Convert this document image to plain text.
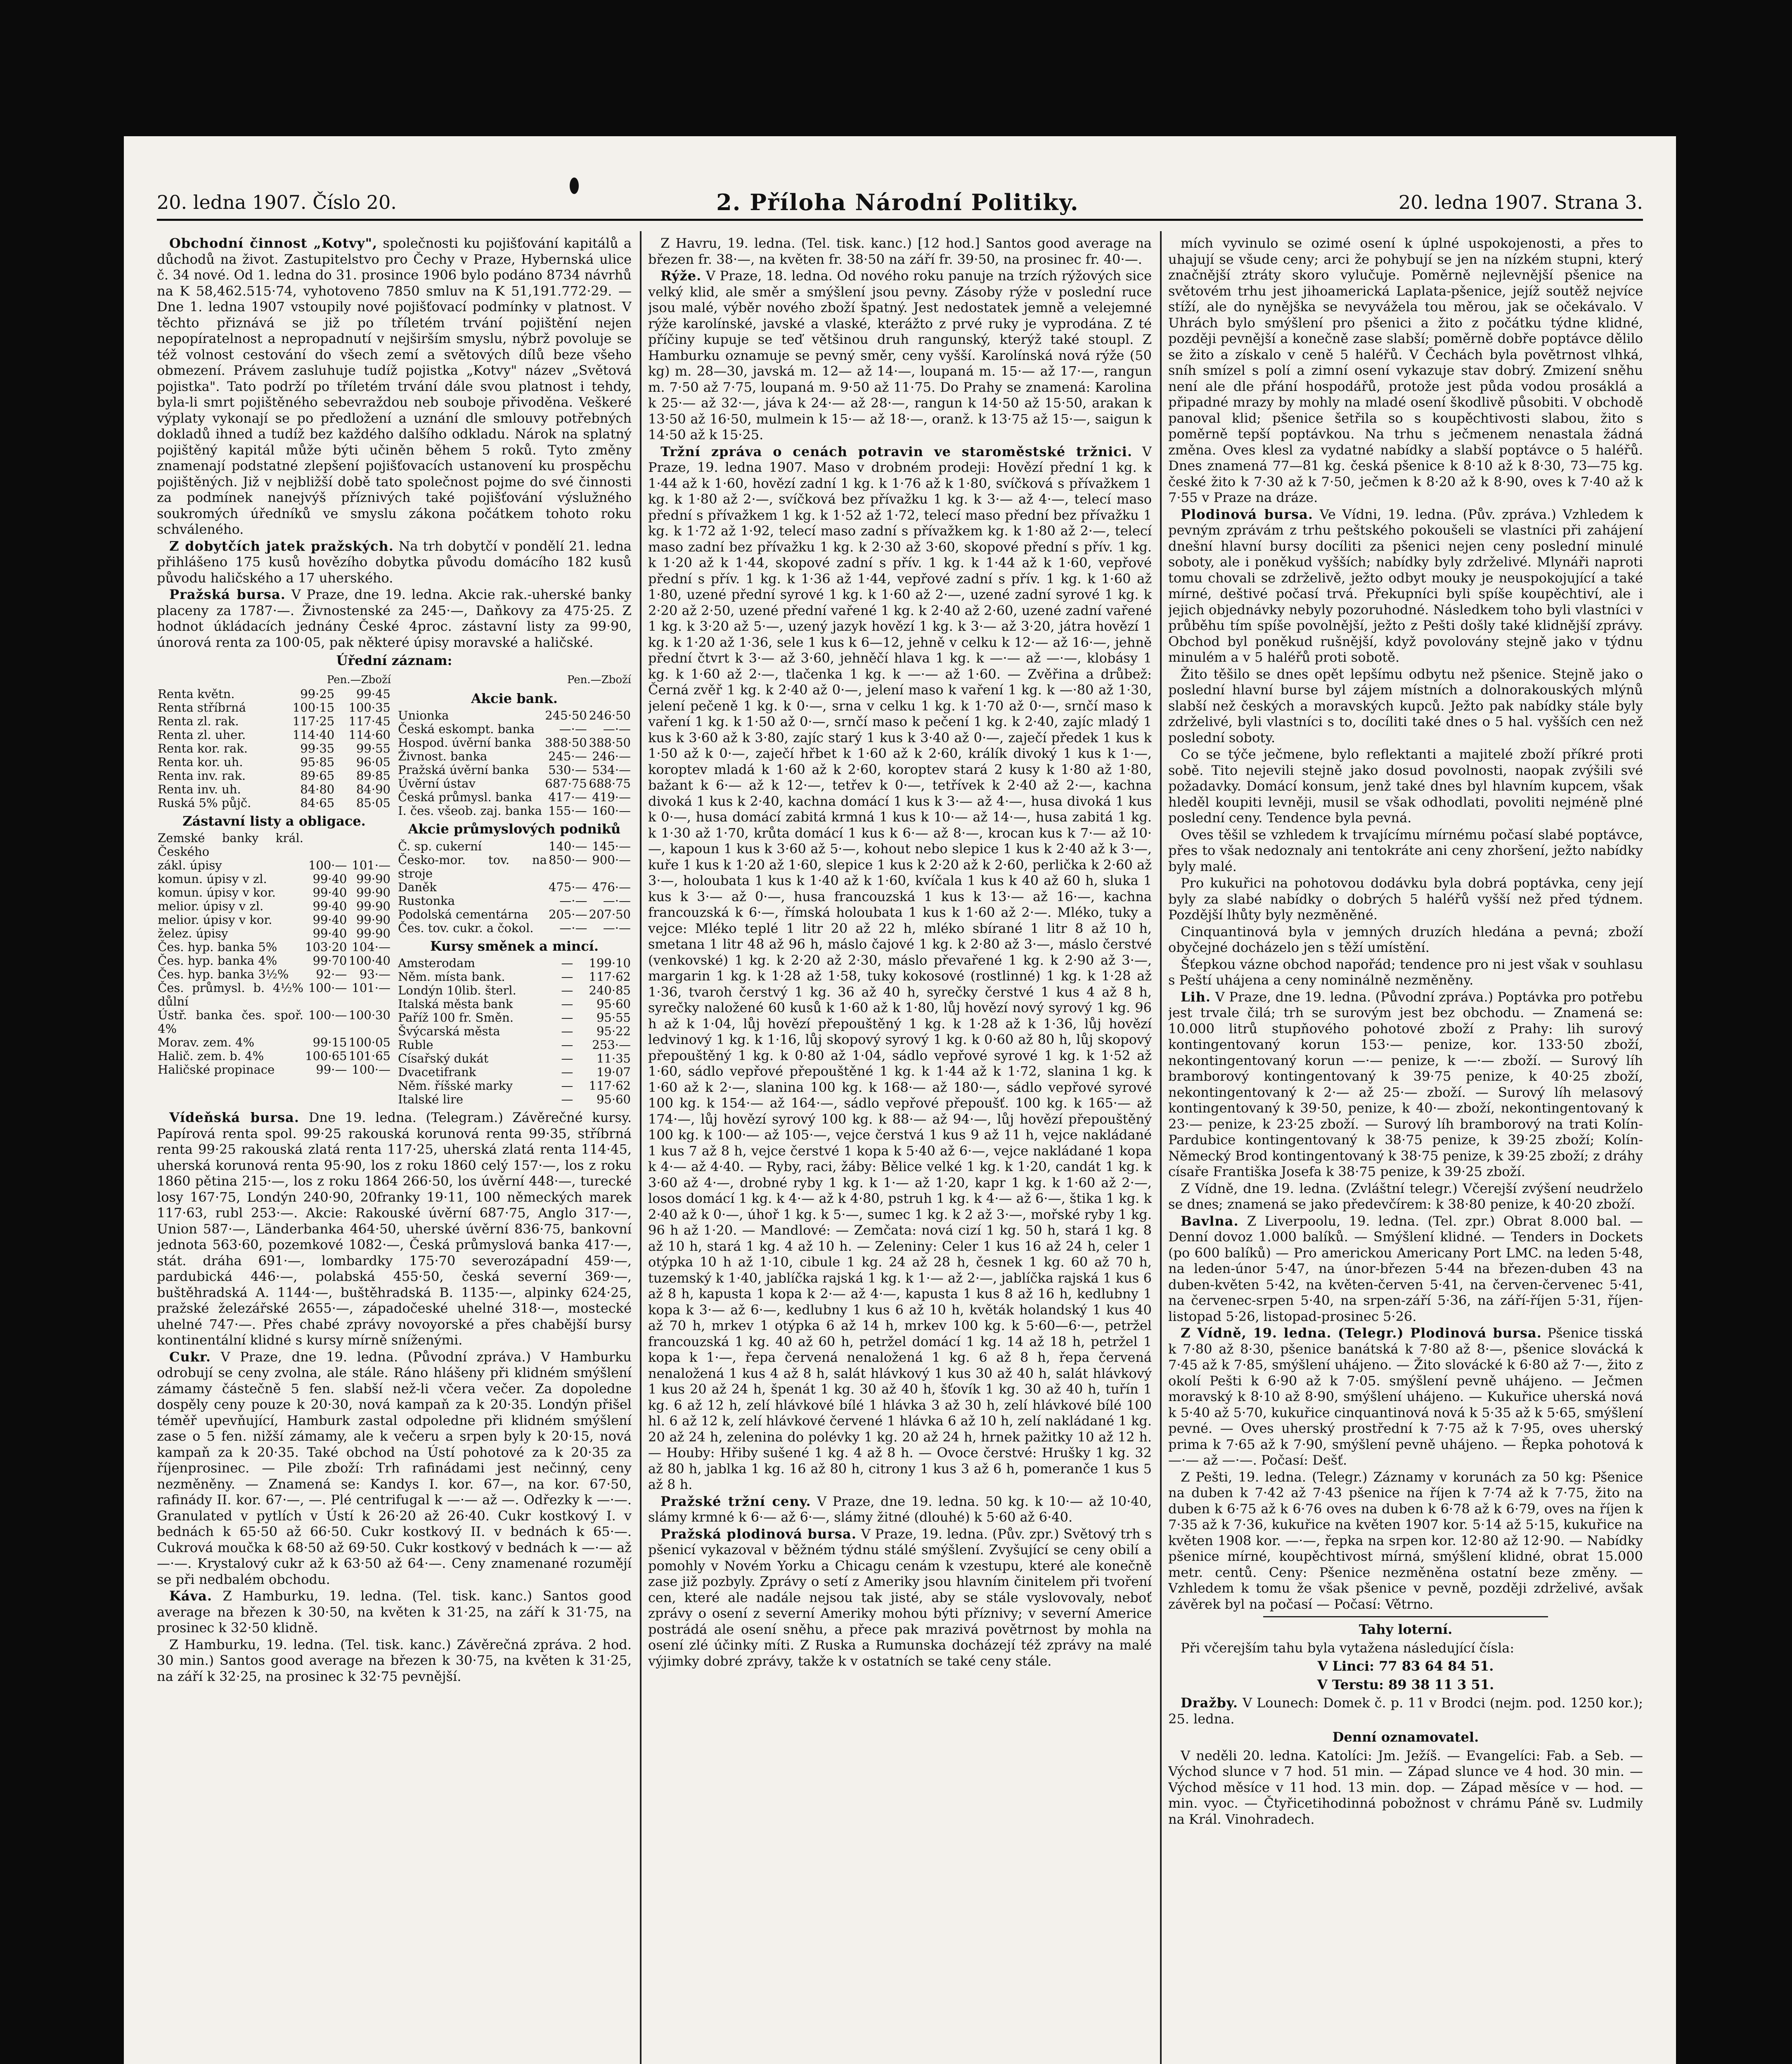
20. ledna 1907. Číslo 20.	2. Příloha Národní Politiky.	20. ledna 1907. Strana 3.

Obchodní činnost „Kotvy", společnosti ku pojišťování kapitálů a důchodů na život. Zastupitelstvo pro Čechy v Praze, Hybernská ulice č. 34 nové. Od 1. ledna do 31. prosince 1906 bylo podáno 8734 návrhů na K 58,462.515·74, vyhotoveno 7850 smluv na K 51,191.772·29. — Dne 1. ledna 1907 vstoupily nové pojišťovací podmínky v platnost. V těchto přiznává se již po tříletém trvání pojištění nejen nepopíratelnost a nepropadnutí v nejširším smyslu, nýbrž povoluje se též volnost cestování do všech zemí a světových dílů beze všeho obmezení. Právem zasluhuje tudíž pojistka „Kotvy" název „Světová pojistka". Tato podrží po tříletém trvání dále svou platnost i tehdy, byla-li smrt pojištěného sebevraždou neb souboje přivoděna. Veškeré výplaty vykonají se po předložení a uznání dle smlouvy potřebných dokladů ihned a tudíž bez každého dalšího odkladu. Nárok na splatný pojištěný kapitál může býti učiněn během 5 roků. Tyto změny znamenají podstatné zlepšení pojišťovacích ustanovení ku prospěchu pojištěných. Již v nejbližší době tato společnost pojme do své činnosti za podmínek nanejvýš příznivých také pojišťování výslužného soukromých úředníků ve smyslu zákona počátkem tohoto roku schváleného.

Z dobytčích jatek pražských. Na trh dobytčí v pondělí 21. ledna přihlášeno 175 kusů hovězího dobytka původu domácího 182 kusů původu haličského a 17 uherského.

Pražská bursa. V Praze, dne 19. ledna. Akcie rak.-uherské banky placeny za 1787·—. Živnostenské za 245·—, Daňkovy za 475·25. Z hodnot úkládacích jednány České 4proc. zástavní listy za 99·90, únorová renta za 100·05, pak některé úpisy moravské a haličské.

Úřední záznam:
	Pen.—Zboží	
Renta květn.	99·25	99·45
Renta stříbrná	100·15	100·35
Renta zl. rak.	117·25	117·45
Renta zl. uher.	114·40	114·60
Renta kor. rak.	99·35	99·55
Renta kor. uh.	95·85	96·05
Renta inv. rak.	89·65	89·85
Renta inv. uh.	84·80	84·90
Ruská 5% půjč.	84·65	85·05
Zástavní listy a obligace.
Zemské banky král. Českého		
zákl. úpisy	100·—	101·—
komun. úpisy v zl.	99·40	99·90
komun. úpisy v kor.	99·40	99·90
melior. úpisy v zl.	99·40	99·90
melior. úpisy v kor.	99·40	99·90
želez. úpisy	99·40	99·90
Čes. hyp. banka 5%	103·20	104·—
Čes. hyp. banka 4%	99·70	100·40
Čes. hyp. banka 3½%	92·—	93·—
Čes. průmysl. b. 4½% důlní	100·—	101·—
Ústř. banka čes. spoř. 4%	100·—	100·30
Morav. zem. 4%	99·15	100·05
Halič. zem. b. 4%	100·65	101·65
Haličské propinace	99·—	100·—
	Pen.—Zboží
Akcie bank.
Unionka	245·50	246·50
Česká eskompt. banka	—·—	—·—
Hospod. úvěrní banka	388·50	388·50
Živnost. banka	245·—	246·—
Pražská úvěrní banka	530·—	534·—
Úvěrní ústav	687·75	688·75
Česká průmysl. banka	417·—	419·—
I. čes. všeob. zaj. banka	155·—	160·—
Akcie průmyslových podniků
Č. sp. cukerní	140·—	145·—
Česko-mor. tov. na stroje	850·—	900·—
Daněk	475·—	476·—
Rustonka	—·—	—·—
Podolská cementárna	205·—	207·50
Čes. tov. cukr. a čokol.	—·—	—·—
Kursy směnek a mincí.
Amsterodam	—	199·10
Něm. místa bank.	—	117·62
Londýn 10lib. šterl.	—	240·85
Italská města bank	—	95·60
Paříž 100 fr. Směn.	—	95·55
Švýcarská města	—	95·22
Ruble	—	253·—
Císařský dukát	—	11·35
Dvacetifrank	—	19·07
Něm. říšské marky	—	117·62
Italské lire	—	95·60

Vídeňská bursa. Dne 19. ledna. (Telegram.) Závěrečné kursy. Papírová renta spol. 99·25 rakouská korunová renta 99·35, stříbrná renta 99·25 rakouská zlatá renta 117·25, uherská zlatá renta 114·45, uherská korunová renta 95·90, los z roku 1860 celý 157·—, los z roku 1860 pětina 215·—, los z roku 1864 266·50, los úvěrní 448·—, turecké losy 167·75, Londýn 240·90, 20franky 19·11, 100 německých marek 117·63, rubl 253·—. Akcie: Rakouské úvěrní 687·75, Anglo 317·—, Union 587·—, Länderbanka 464·50, uherské úvěrní 836·75, bankovní jednota 563·60, pozemkové 1082·—, Česká průmyslová banka 417·—, stát. dráha 691·—, lombardky 175·70 severozápadní 459·—, pardubická 446·—, polabská 455·50, česká severní 369·—, buštěhradská A. 1144·—, buštěhradská B. 1135·—, alpinky 624·25, pražské železářské 2655·—, západočeské uhelné 318·—, mostecké uhelné 747·—. Přes chabé zprávy novoyorské a přes chabější bursy kontinentální klidné s kursy mírně sníženými.

Cukr. V Praze, dne 19. ledna. (Původní zpráva.) V Hamburku odrobují se ceny zvolna, ale stále. Ráno hlášeny při klidném smýšlení zámamy částečně 5 fen. slabší než-li včera večer. Za dopoledne dospěly ceny pouze k 20·30, nová kampaň za k 20·35. Londýn přišel téměř upevňující, Hamburk zastal odpoledne při klidném smýšlení zase o 5 fen. nižší zámamy, ale k večeru a srpen byly k 20·15, nová kampaň za k 20·35. Také obchod na Ústí pohotové za k 20·35 za říjenprosinec. — Pile zboží: Trh rafinádami jest nečinný, ceny nezměněny. — Znamená se: Kandys I. kor. 67—, na kor. 67·50, rafinády II. kor. 67·—, —. Plé centrifugal k —·— až —. Odřezky k —·—. Granulated v pytlích v Ústí k 26·20 až 26·40. Cukr kostkový I. v bednách k 65·50 až 66·50. Cukr kostkový II. v bednách k 65·—. Cukrová moučka k 68·50 až 69·50. Cukr kostkový v bednách k —·— až —·—. Krystalový cukr až k 63·50 až 64·—. Ceny znamenané rozumějí se při nedbalém obchodu.

Káva. Z Hamburku, 19. ledna. (Tel. tisk. kanc.) Santos good average na březen k 30·50, na květen k 31·25, na září k 31·75, na prosinec k 32·50 klidně.

Z Hamburku, 19. ledna. (Tel. tisk. kanc.) Závěrečná zpráva. 2 hod. 30 min.) Santos good average na březen k 30·75, na květen k 31·25, na září k 32·25, na prosinec k 32·75 pevnější.

Z Havru, 19. ledna. (Tel. tisk. kanc.) [12 hod.] Santos good average na březen fr. 38·—, na květen fr. 38·50 na září fr. 39·50, na prosinec fr. 40·—.

Rýže. V Praze, 18. ledna. Od nového roku panuje na trzích rýžových sice velký klid, ale směr a smýšlení jsou pevny. Zásoby rýže v poslední ruce jsou malé, výběr nového zboží špatný. Jest nedostatek jemně a velejemné rýže karolínské, javské a vlaské, kterážto z prvé ruky je vyprodána. Z té příčiny kupuje se teď většinou druh rangunský, kterýž také stoupl. Z Hamburku oznamuje se pevný směr, ceny vyšší. Karolínská nová rýže (50 kg) m. 28—30, javská m. 12— až 14·—, loupaná m. 15·— až 17·—, rangun m. 7·50 až 7·75, loupaná m. 9·50 až 11·75. Do Prahy se znamená: Karolina k 25·— až 32·—, jáva k 24·— až 28·—, rangun k 14·50 až 15·50, arakan k 13·50 až 16·50, mulmein k 15·— až 18·—, oranž. k 13·75 až 15·—, saigun k 14·50 až k 15·25.

Tržní zpráva o cenách potravin ve staroměstské tržnici. V Praze, 19. ledna 1907. Maso v drobném prodeji: Hovězí přední 1 kg. k 1·44 až k 1·60, hovězí zadní 1 kg. k 1·76 až k 1·80, svíčková s přívažkem 1 kg. k 1·80 až 2·—, svíčková bez přívažku 1 kg. k 3·— až 4·—, telecí maso přední s přívažkem 1 kg. k 1·52 až 1·72, telecí maso přední bez přívažku 1 kg. k 1·72 až 1·92, telecí maso zadní s přívažkem kg. k 1·80 až 2·—, telecí maso zadní bez přívažku 1 kg. k 2·30 až 3·60, skopové přední s přív. 1 kg. k 1·20 až k 1·44, skopové zadní s přív. 1 kg. k 1·44 až k 1·60, vepřové přední s přív. 1 kg. k 1·36 až 1·44, vepřové zadní s přív. 1 kg. k 1·60 až 1·80, uzené přední syrové 1 kg. k 1·60 až 2·—, uzené zadní syrové 1 kg. k 2·20 až 2·50, uzené přední vařené 1 kg. k 2·40 až 2·60, uzené zadní vařené 1 kg. k 3·20 až 5·—, uzený jazyk hovězí 1 kg. k 3·— až 3·20, játra hovězí 1 kg. k 1·20 až 1·36, sele 1 kus k 6—12, jehně v celku k 12·— až 16·—, jehně přední čtvrt k 3·— až 3·60, jehněčí hlava 1 kg. k —·— až —·—, klobásy 1 kg. k 1·60 až 2·—, tlačenka 1 kg. k —·— až 1·60. — Zvěřina a drůbež: Černá zvěř 1 kg. k 2·40 až 0·—, jelení maso k vaření 1 kg. k —·80 až 1·30, jelení pečeně 1 kg. k 0·—, srna v celku 1 kg. k 1·70 až 0·—, srnčí maso k vaření 1 kg. k 1·50 až 0·—, srnčí maso k pečení 1 kg. k 2·40, zajíc mladý 1 kus k 3·60 až k 3·80, zajíc starý 1 kus k 3·40 až 0·—, zaječí předek 1 kus k 1·50 až k 0·—, zaječí hřbet k 1·60 až k 2·60, králík divoký 1 kus k 1·—, koroptev mladá k 1·60 až k 2·60, koroptev stará 2 kusy k 1·80 až 1·80, bažant k 6·— až k 12·—, tetřev k 0·—, tetřívek k 2·40 až 2·—, kachna divoká 1 kus k 2·40, kachna domácí 1 kus k 3·— až 4·—, husa divoká 1 kus k 0·—, husa domácí zabitá krmná 1 kus k 10·— až 14·—, husa zabitá 1 kg. k 1·30 až 1·70, krůta domácí 1 kus k 6·— až 8·—, krocan kus k 7·— až 10·—, kapoun 1 kus k 3·60 až 5·—, kohout nebo slepice 1 kus k 2·40 až k 3·—, kuře 1 kus k 1·20 až 1·60, slepice 1 kus k 2·20 až k 2·60, perlička k 2·60 až 3·—, holoubata 1 kus k 1·40 až k 1·60, kvíčala 1 kus k 40 až 60 h, sluka 1 kus k 3·— až 0·—, husa francouzská 1 kus k 13·— až 16·—, kachna francouzská k 6·—, římská holoubata 1 kus k 1·60 až 2·—. Mléko, tuky a vejce: Mléko teplé 1 litr 20 až 22 h, mléko sbírané 1 litr 8 až 10 h, smetana 1 litr 48 až 96 h, máslo čajové 1 kg. k 2·80 až 3·—, máslo čerstvé (venkovské) 1 kg. k 2·20 až 2·30, máslo převařené 1 kg. k 2·90 až 3·—, margarin 1 kg. k 1·28 až 1·58, tuky kokosové (rostlinné) 1 kg. k 1·28 až 1·36, tvaroh čerstvý 1 kg. 36 až 40 h, syrečky čerstvé 1 kus 4 až 8 h, syrečky naložené 60 kusů k 1·60 až k 1·80, lůj hovězí nový syrový 1 kg. 96 h až k 1·04, lůj hovězí přepouštěný 1 kg. k 1·28 až k 1·36, lůj hovězí ledvinový 1 kg. k 1·16, lůj skopový syrový 1 kg. k 0·60 až 80 h, lůj skopový přepouštěný 1 kg. k 0·80 až 1·04, sádlo vepřové syrové 1 kg. k 1·52 až 1·60, sádlo vepřové přepouštěné 1 kg. k 1·44 až k 1·72, slanina 1 kg. k 1·60 až k 2·—, slanina 100 kg. k 168·— až 180·—, sádlo vepřové syrové 100 kg. k 154·— až 164·—, sádlo vepřové přepoušť. 100 kg. k 165·— až 174·—, lůj hovězí syrový 100 kg. k 88·— až 94·—, lůj hovězí přepouštěný 100 kg. k 100·— až 105·—, vejce čerstvá 1 kus 9 až 11 h, vejce nakládané 1 kus 7 až 8 h, vejce čerstvé 1 kopa k 5·40 až 6·—, vejce nakládané 1 kopa k 4·— až 4·40. — Ryby, raci, žáby: Bělice velké 1 kg. k 1·20, candát 1 kg. k 3·60 až 4·—, drobné ryby 1 kg. k 1·— až 1·20, kapr 1 kg. k 1·60 až 2·—, losos domácí 1 kg. k 4·— až k 4·80, pstruh 1 kg. k 4·— až 6·—, štika 1 kg. k 2·40 až k 0·—, úhoř 1 kg. k 5·—, sumec 1 kg. k 2 až 3·—, mořské ryby 1 kg. 96 h až 1·20. — Mandlové: — Zemčata: nová cizí 1 kg. 50 h, stará 1 kg. 8 až 10 h, stará 1 kg. 4 až 10 h. — Zeleniny: Celer 1 kus 16 až 24 h, celer 1 otýpka 10 h až 1·10, cibule 1 kg. 24 až 28 h, česnek 1 kg. 60 až 70 h, tuzemský k 1·40, jablíčka rajská 1 kg. k 1·— až 2·—, jablíčka rajská 1 kus 6 až 8 h, kapusta 1 kopa k 2·— až 4·—, kapusta 1 kus 8 až 16 h, kedlubny 1 kopa k 3·— až 6·—, kedlubny 1 kus 6 až 10 h, květák holandský 1 kus 40 až 70 h, mrkev 1 otýpka 6 až 14 h, mrkev 100 kg. k 5·60—6·—, petržel francouzská 1 kg. 40 až 60 h, petržel domácí 1 kg. 14 až 18 h, petržel 1 kopa k 1·—, řepa červená nenaložená 1 kg. 6 až 8 h, řepa červená nenaložená 1 kus 4 až 8 h, salát hlávkový 1 kus 30 až 40 h, salát hlávkový 1 kus 20 až 24 h, špenát 1 kg. 30 až 40 h, šťovík 1 kg. 30 až 40 h, tuřín 1 kg. 6 až 12 h, zelí hlávkové bílé 1 hlávka 3 až 30 h, zelí hlávkové bílé 100 hl. 6 až 12 k, zelí hlávkové červené 1 hlávka 6 až 10 h, zelí nakládané 1 kg. 20 až 24 h, zelenina do polévky 1 kg. 20 až 24 h, hrnek pažitky 10 až 12 h. — Houby: Hřiby sušené 1 kg. 4 až 8 h. — Ovoce čerstvé: Hrušky 1 kg. 32 až 80 h, jablka 1 kg. 16 až 80 h, citrony 1 kus 3 až 6 h, pomeranče 1 kus 5 až 8 h.

Pražské tržní ceny. V Praze, dne 19. ledna. 50 kg. k 10·— až 10·40, slámy krmné k 6·— až 6·—, slámy žitné (dlouhé) k 5·60 až 6·40.

Pražská plodinová bursa. V Praze, 19. ledna. (Pův. zpr.) Světový trh s pšenicí vykazoval v běžném týdnu stálé smýšlení. Zvyšující se ceny obilí a pomohly v Novém Yorku a Chicagu cenám k vzestupu, které ale konečně zase již pozbyly. Zprávy o setí z Ameriky jsou hlavním činitelem při tvoření cen, které ale nadále nejsou tak jisté, aby se stále vyslovovaly, neboť zprávy o osení z severní Ameriky mohou býti příznivy; v severní Americe postrádá ale osení sněhu, a přece pak mrazivá povětrnost by mohla na osení zlé účinky míti. Z Ruska a Rumunska docházejí též zprávy na malé výjimky dobré zprávy, takže k v ostatních se také ceny stále.

mích vyvinulo se ozimé osení k úplné uspokojenosti, a přes to uhajují se všude ceny; arci že pohybují se jen na nízkém stupni, který značnější ztráty skoro vylučuje. Poměrně nejlevnější pšenice na světovém trhu jest jihoamerická Laplata-pšenice, jejíž soutěž nejvíce stíží, ale do nynějška se nevyvážela tou měrou, jak se očekávalo. V Uhrách bylo smýšlení pro pšenici a žito z počátku týdne klidné, později pevnější a konečně zase slabší; poměrně dobře poptávce dělilo se žito a získalo v ceně 5 haléřů. V Čechách byla povětrnost vlhká, sníh smízel s polí a zimní osení vykazuje stav dobrý. Zmizení sněhu není ale dle přání hospodářů, protože jest půda vodou prosáklá a připadné mrazy by mohly na mladé osení škodlivě působiti. V obchodě panoval klid; pšenice šetřila so s koupěchtivosti slabou, žito s poměrně tepší poptávkou. Na trhu s ječmenem nenastala žádná změna. Oves klesl za vydatné nabídky a slabší poptávce o 5 haléřů. Dnes znamená 77—81 kg. česká pšenice k 8·10 až k 8·30, 73—75 kg. české žito k 7·30 až k 7·50, ječmen k 8·20 až k 8·90, oves k 7·40 až k 7·55 v Praze na dráze.

Plodinová bursa. Ve Vídni, 19. ledna. (Pův. zpráva.) Vzhledem k pevným zprávám z trhu peštského pokoušeli se vlastníci při zahájení dnešní hlavní bursy docíliti za pšenici nejen ceny poslední minulé soboty, ale i poněkud vyšších; nabídky byly zdrželivé. Mlynáři naproti tomu chovali se zdrželivě, ježto odbyt mouky je neuspokojující a také mírné, deštivé počasí trvá. Překupníci byli spíše koupěchtiví, ale i jejich objednávky nebyly pozoruhodné. Následkem toho byli vlastníci v průběhu tím spíše povolnější, ježto z Pešti došly také klidnější zprávy. Obchod byl poněkud rušnější, když povolovány stejně jako v týdnu minulém a v 5 haléřů proti sobotě.

Žito těšilo se dnes opět lepšímu odbytu než pšenice. Stejně jako o poslední hlavní burse byl zájem místních a dolnorakouských mlýnů slabší než českých a moravských kupců. Ježto pak nabídky stále byly zdrželivé, byli vlastníci s to, docíliti také dnes o 5 hal. vyšších cen než poslední soboty.

Co se týče ječmene, bylo reflektanti a majitelé zboží příkré proti sobě. Tito nejevili stejně jako dosud povolnosti, naopak zvýšili své požadavky. Domácí konsum, jenž také dnes byl hlavním kupcem, však hleděl koupiti levněji, musil se však odhodlati, povoliti nejméně plné poslední ceny. Tendence byla pevná.

Oves těšil se vzhledem k trvajícímu mírnému počasí slabé poptávce, přes to však nedoznaly ani tentokráte ani ceny zhoršení, ježto nabídky byly malé.

Pro kukuřici na pohotovou dodávku byla dobrá poptávka, ceny její byly za slabé nabídky o dobrých 5 haléřů vyšší než před týdnem. Pozdější lhůty byly nezměněné.

Cinquantinová byla v jemných druzích hledána a pevná; zboží obyčejné docházelo jen s těží umístění.

Šťepkou vázne obchod napořád; tendence pro ni jest však v souhlasu s Peští uhájena a ceny nominálně nezměněny.

Lih. V Praze, dne 19. ledna. (Původní zpráva.) Poptávka pro potřebu jest trvale čilá; trh se surovým jest bez obchodu. — Znamená se: 10.000 litrů stupňového pohotové zboží z Prahy: lih surový kontingentovaný korun 153·— penize, kor. 133·50 zboží, nekontingentovaný korun —·— penize, k —·— zboží. — Surový líh bramborový kontingentovaný k 39·75 penize, k 40·25 zboží, nekontingentovaný k 2·— až 25·— zboží. — Surový líh melasový kontingentovaný k 39·50, penize, k 40·— zboží, nekontingentovaný k 23·— penize, k 23·25 zboží. — Surový líh bramborový na trati Kolín-Pardubice kontingentovaný k 38·75 penize, k 39·25 zboží; Kolín-Německý Brod kontingentovaný k 38·75 penize, k 39·25 zboží; z dráhy císaře Františka Josefa k 38·75 penize, k 39·25 zboží.

Z Vídně, dne 19. ledna. (Zvláštní telegr.) Včerejší zvýšení neudrželo se dnes; znamená se jako předevčírem: k 38·80 penize, k 40·20 zboží.

Bavlna. Z Liverpoolu, 19. ledna. (Tel. zpr.) Obrat 8.000 bal. — Denní dovoz 1.000 balíků. — Smýšlení klidné. — Tenders in Dockets (po 600 balíků) — Pro americkou Americany Port LMC. na leden 5·48, na leden-únor 5·47, na únor-březen 5·44 na březen-duben 43 na duben-květen 5·42, na květen-červen 5·41, na červen-červenec 5·41, na červenec-srpen 5·40, na srpen-září 5·36, na září-říjen 5·31, říjen-listopad 5·26, listopad-prosinec 5·26.

Z Vídně, 19. ledna. (Telegr.) Plodinová bursa. Pšenice tisská k 7·80 až 8·30, pšenice banátská k 7·80 až 8·—, pšenice slovácká k 7·45 až k 7·85, smýšlení uhájeno. — Žito slovácké k 6·80 až 7·—, žito z okolí Pešti k 6·90 až k 7·05. smýšlení pevně uhájeno. — Ječmen moravský k 8·10 až 8·90, smýšlení uhájeno. — Kukuřice uherská nová k 5·40 až 5·70, kukuřice cinquantinová nová k 5·35 až k 5·65, smýšlení pevné. — Oves uherský prostřední k 7·75 až k 7·95, oves uherský prima k 7·65 až k 7·90, smýšlení pevně uhájeno. — Řepka pohotová k —·— až —·—. Počasí: Dešť.

Z Pešti, 19. ledna. (Telegr.) Záznamy v korunách za 50 kg: Pšenice na duben k 7·42 až 7·43 pšenice na říjen k 7·74 až k 7·75, žito na duben k 6·75 až k 6·76 oves na duben k 6·78 až k 6·79, oves na říjen k 7·35 až k 7·36, kukuřice na květen 1907 kor. 5·14 až 5·15, kukuřice na květen 1908 kor. —·—, řepka na srpen kor. 12·80 až 12·90. — Nabídky pšenice mírné, koupěchtivost mírná, smýšlení klidné, obrat 15.000 metr. centů. Ceny: Pšenice nezměněna ostatní beze změny. — Vzhledem k tomu že však pšenice v pevně, později zdrželivé, avšak závěrek byl na počasí — Počasí: Větrno.

Tahy loterní.

Při včerejším tahu byla vytažena následující čísla:

V Linci: 77 83 64 84 51.
V Terstu: 89 38 11 3 51.

Dražby. V Lounech: Domek č. p. 11 v Brodci (nejm. pod. 1250 kor.); 25. ledna.

Denní oznamovatel.

V neděli 20. ledna. Katolíci: Jm. Ježíš. — Evangelíci: Fab. a Seb. — Východ slunce v 7 hod. 51 min. — Západ slunce ve 4 hod. 30 min. — Východ měsíce v 11 hod. 13 min. dop. — Západ měsíce v — hod. — min. vyoc. — Čtyřicetihodinná pobožnost v chrámu Páně sv. Ludmily na Král. Vinohradech.
